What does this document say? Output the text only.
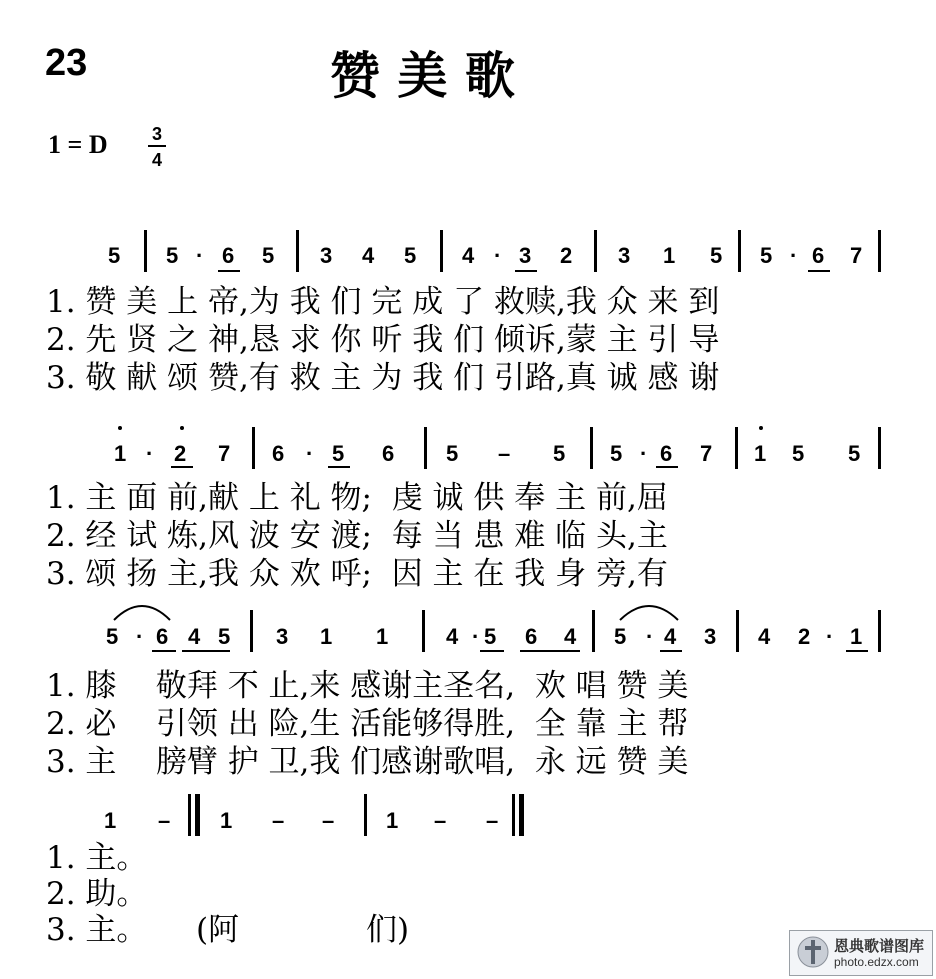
23	赞 美 歌
1 = D 3
4
5 5 · 6 5 3 4 5 4 · 3 2 3 1 5 5 · 6 7
1. 赞 美 上 帝,为 我 们 完 成 了 救赎,我 众 来 到
2. 先 贤 之 神,恳 求 你 听 我 们 倾诉,蒙 主 引 导
3. 敬 献 颂 赞,有 救 主 为 我 们 引路,真 诚 感 谢
1 · 2 7 6 · 5 6 5 – 5 5 · 6 7 1 5 5
1. 主 面 前,献 上 礼 物;  虔 诚 供 奉 主 前,屈
2. 经 试 炼,风 波 安 渡;  每 当 患 难 临 头,主
3. 颂 扬 主,我 众 欢 呼;  因 主 在 我 身 旁,有
5 · 6 4 5 3 1 1	4 · 5 6 4 5 · 4 3 4 2 · 1
1. 膝    敬拜 不 止,来 感谢主圣名,  欢 唱 赞 美
2. 必    引领 出 险,生 活能够得胜,  全 靠 主 帮
3. 主    膀臂 护 卫,我 们感谢歌唱,  永 远 赞 美
1 – 1 – – 1 – –
1. 主。
2. 助。
3. 主。 (阿	们)	恩典歌谱图库
photo.edzx.com
